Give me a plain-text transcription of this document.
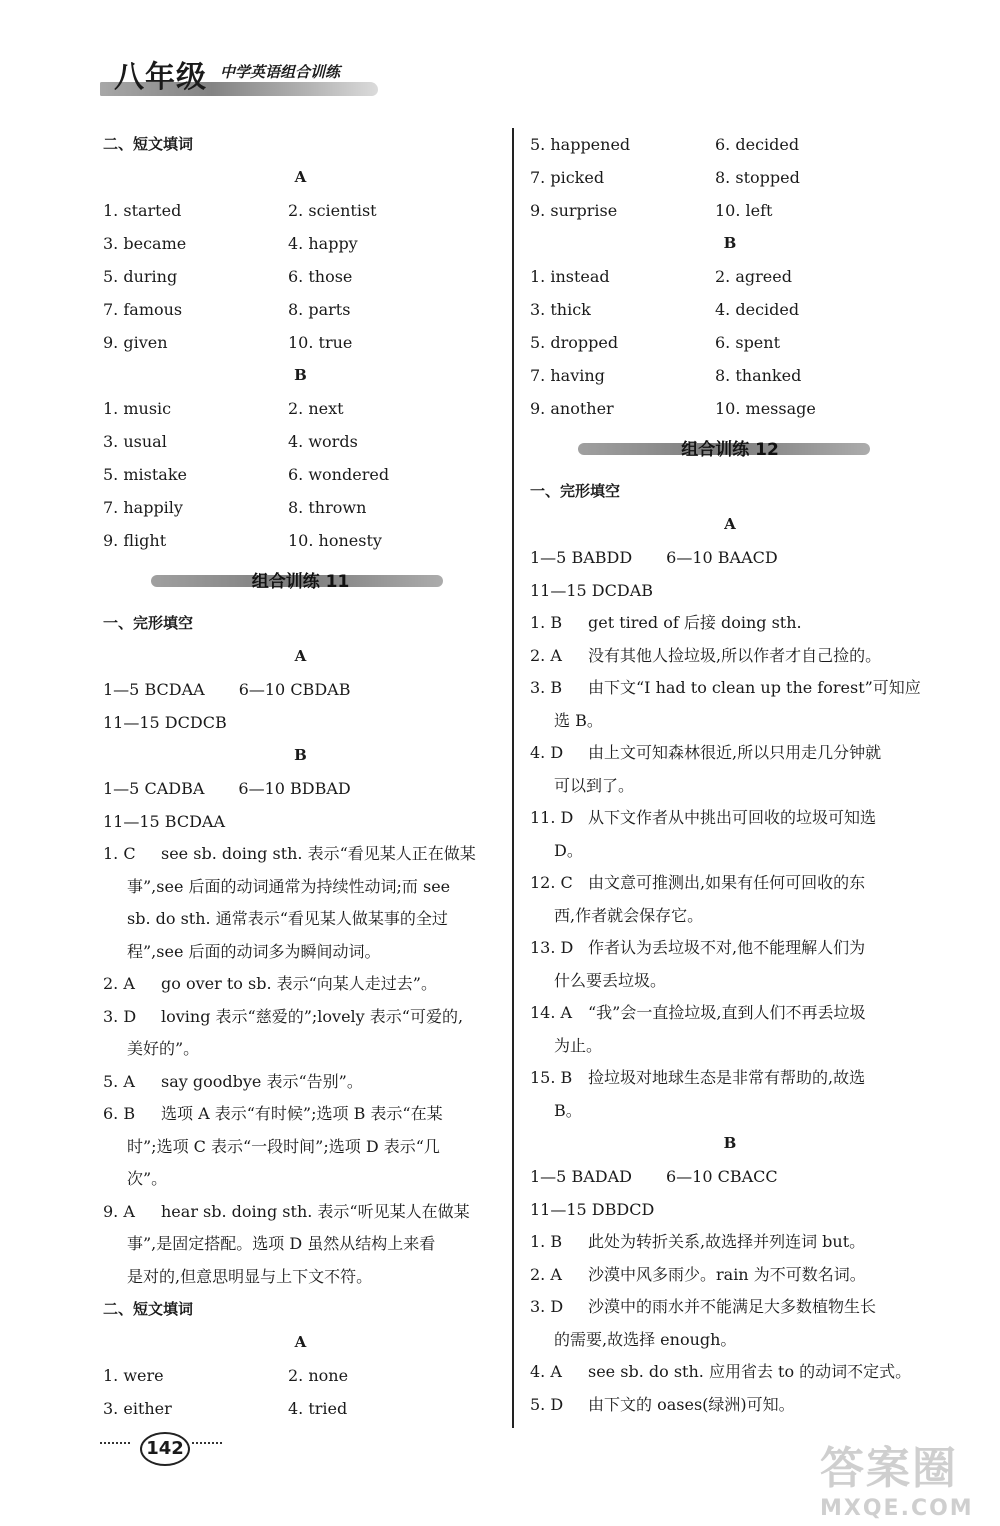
八年级 中学英语组合训练
二、短文填词
A
1. started	2. scientist
3. became	4. happy
5. during	6. those
7. famous	8. parts
9. given	10. true
B
1. music	2. next
3. usual	4. words
5. mistake	6. wondered
7. happily	8. thrown
9. flight	10. honesty
组合训练 11
一、完形填空
A
1—5 BCDAA 6—10 CBDAB
11—15 DCDCB
B
1—5 CADBA 6—10 BDBAD
11—15 BCDAA
1. C see sb. doing sth. 表示“看见某人正在做某
事”,see 后面的动词通常为持续性动词;而 see
sb. do sth. 通常表示“看见某人做某事的全过
程”,see 后面的动词多为瞬间动词。
2. A go over to sb. 表示“向某人走过去”。
3. D loving 表示“慈爱的”;lovely 表示“可爱的,
美好的”。
5. A say goodbye 表示“告别”。
6. B 选项 A 表示“有时候”;选项 B 表示“在某
时”;选项 C 表示“一段时间”;选项 D 表示“几
次”。
9. A hear sb. doing sth. 表示“听见某人在做某
事”,是固定搭配。选项 D 虽然从结构上来看
是对的,但意思明显与上下文不符。
二、短文填词
A
1. were	2. none
3. either	4. tried
5. happened	6. decided
7. picked	8. stopped
9. surprise	10. left
B
1. instead	2. agreed
3. thick	4. decided
5. dropped	6. spent
7. having	8. thanked
9. another	10. message
组合训练 12
一、完形填空
A
1—5 BABDD 6—10 BAACD
11—15 DCDAB
1. B get tired of 后接 doing sth.
2. A 没有其他人捡垃圾,所以作者才自己捡的。
3. B 由下文“I had to clean up the forest”可知应
选 B。
4. D 由上文可知森林很近,所以只用走几分钟就
可以到了。
11. D 从下文作者从中挑出可回收的垃圾可知选
D。
12. C 由文意可推测出,如果有任何可回收的东
西,作者就会保存它。
13. D 作者认为丢垃圾不对,他不能理解人们为
什么要丢垃圾。
14. A “我”会一直捡垃圾,直到人们不再丢垃圾
为止。
15. B 捡垃圾对地球生态是非常有帮助的,故选
B。
B
1—5 BADAD 6—10 CBACC
11—15 DBDCD
1. B 此处为转折关系,故选择并列连词 but。
2. A 沙漠中风多雨少。rain 为不可数名词。
3. D 沙漠中的雨水并不能满足大多数植物生长
的需要,故选择 enough。
4. A see sb. do sth. 应用省去 to 的动词不定式。
5. D 由下文的 oases(绿洲)可知。
142	答案圈
MXQE.COM
